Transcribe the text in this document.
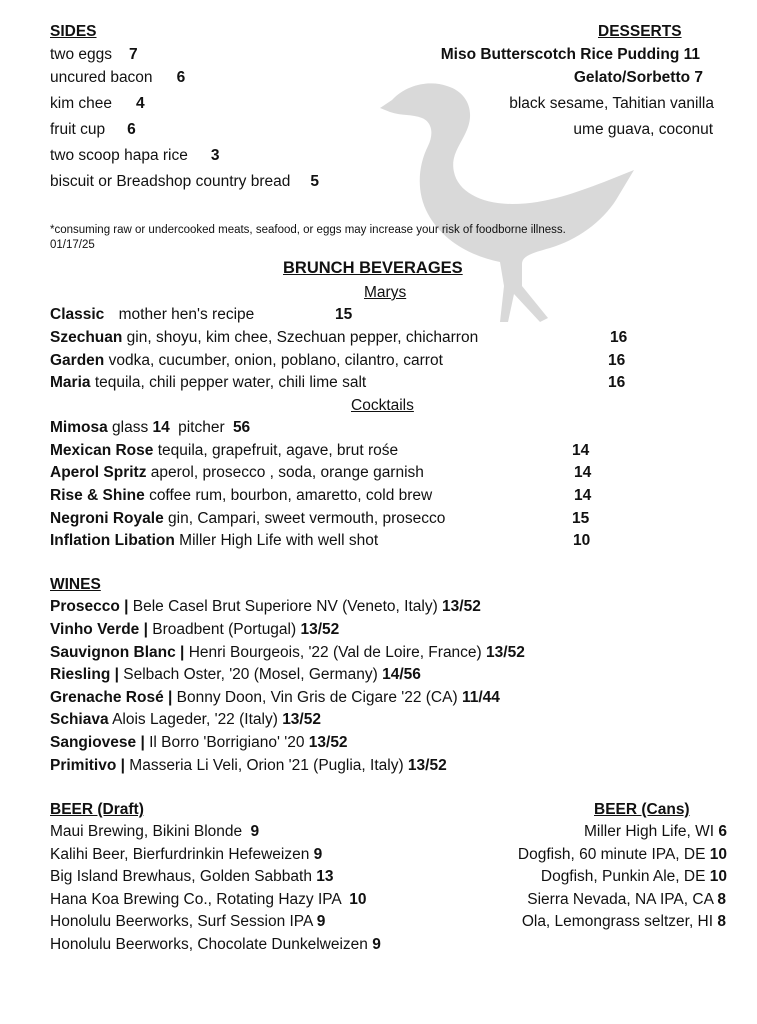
SIDES
two eggs 7
uncured bacon 6
kim chee 4
fruit cup 6
two scoop hapa rice 3
biscuit or Breadshop country bread 5
DESSERTS
Miso Butterscotch Rice Pudding 11
Gelato/Sorbetto 7
black sesame, Tahitian vanilla
ume guava, coconut
*consuming raw or undercooked meats, seafood, or eggs may increase your risk of foodborne illness.
01/17/25
BRUNCH BEVERAGES
Marys
Classic mother hen's recipe	15
Szechuan gin, shoyu, kim chee, Szechuan pepper, chicharron	16
Garden vodka, cucumber, onion, poblano, cilantro, carrot	16
Maria tequila, chili pepper water, chili lime salt	16
Cocktails
Mimosa glass 14 pitcher 56
Mexican Rose tequila, grapefruit, agave, brut rośe	14
Aperol Spritz aperol, prosecco , soda, orange garnish	14
Rise & Shine coffee rum, bourbon, amaretto, cold brew	14
Negroni Royale gin, Campari, sweet vermouth, prosecco	15
Inflation Libation Miller High Life with well shot	10
WINES
Prosecco | Bele Casel Brut Superiore NV (Veneto, Italy) 13/52
Vinho Verde | Broadbent (Portugal) 13/52
Sauvignon Blanc | Henri Bourgeois, '22 (Val de Loire, France) 13/52
Riesling | Selbach Oster, '20 (Mosel, Germany) 14/56
Grenache Rosé | Bonny Doon, Vin Gris de Cigare '22 (CA) 11/44
Schiava Alois Lageder, '22 (Italy) 13/52
Sangiovese | Il Borro 'Borrigiano' '20 13/52
Primitivo | Masseria Li Veli, Orion '21 (Puglia, Italy) 13/52
BEER (Draft)
Maui Brewing, Bikini Blonde 9
Kalihi Beer, Bierfurdrinkin Hefeweizen 9
Big Island Brewhaus, Golden Sabbath 13
Hana Koa Brewing Co., Rotating Hazy IPA 10
Honolulu Beerworks, Surf Session IPA 9
Honolulu Beerworks, Chocolate Dunkelweizen 9
BEER (Cans)
Miller High Life, WI 6
Dogfish, 60 minute IPA, DE 10
Dogfish, Punkin Ale, DE 10
Sierra Nevada, NA IPA, CA 8
Ola, Lemongrass seltzer, HI 8
